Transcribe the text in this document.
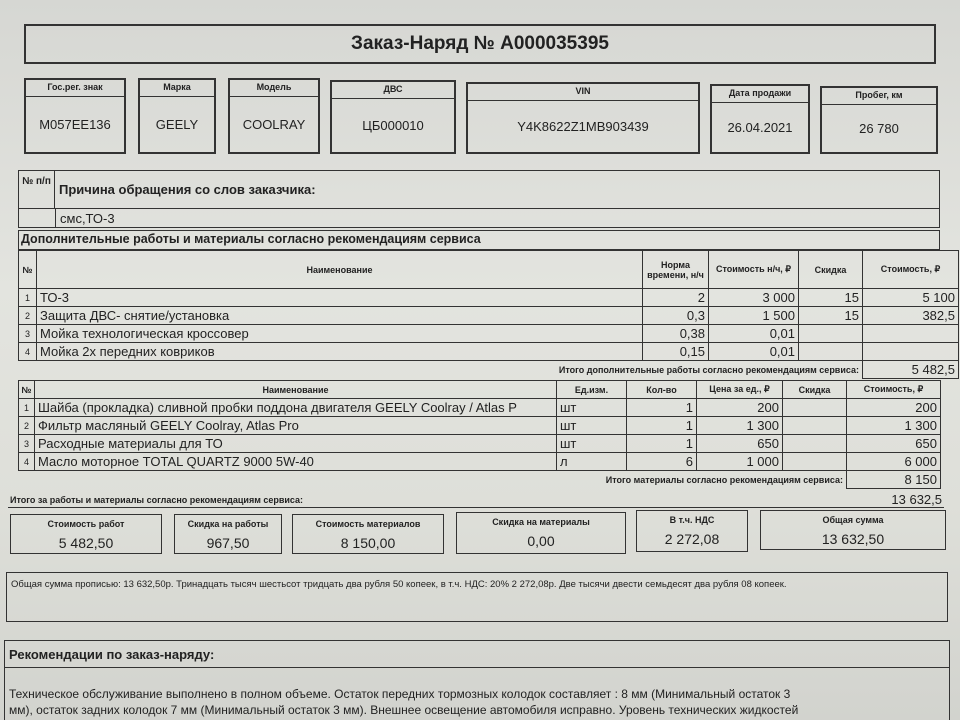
Заказ-Наряд № А000035395
Гос.рег. знак
М057ЕЕ136
Марка
GEELY
Модель
COOLRAY
ДВС
ЦБ000010
VIN
Y4K8622Z1MB903439
Дата продажи
26.04.2021
Пробег, км
26 780
№ п/п
Причина обращения со слов заказчика:
смс,ТО-3
Дополнительные работы и материалы согласно рекомендациям сервиса
№	Наименование	Норма времени, н/ч	Стоимость н/ч, ₽	Скидка	Стоимость, ₽
1	ТО-3	2	3 000	15	5 100
2	Защита ДВС- снятие/установка	0,3	1 500	15	382,5
3	Мойка технологическая кроссовер	0,38	0,01		
4	Мойка 2х передних ковриков	0,15	0,01		
Итого дополнительные работы согласно рекомендациям сервиса:					5 482,5
№	Наименование	Ед.изм.	Кол-во	Цена за ед., ₽	Скидка	Стоимость, ₽
1	Шайба (прокладка) сливной пробки поддона двигателя GEELY Coolray / Atlas P	шт	1	200		200
2	Фильтр масляный GEELY Coolray, Atlas Pro	шт	1	1 300		1 300
3	Расходные материалы для ТО	шт	1	650		650
4	Масло моторное TOTAL QUARTZ 9000 5W-40	л	6	1 000		6 000
Итого материалы согласно рекомендациям сервиса:						8 150
Итого за работы и материалы согласно рекомендациям сервиса:	13 632,5
Стоимость работ
5 482,50
Скидка на работы
967,50
Стоимость материалов
8 150,00
Скидка на материалы
0,00
В т.ч. НДС
2 272,08
Общая сумма
13 632,50
Общая сумма прописью: 13 632,50р. Тринадцать тысяч шестьсот тридцать два рубля 50 копеек, в т.ч. НДС: 20% 2 272,08р. Две тысячи двести семьдесят два рубля 08 копеек.
Рекомендации по заказ-наряду:
Техническое обслуживание выполнено в полном объеме. Остаток передних тормозных колодок составляет : 8 мм (Минимальный остаток 3
мм), остаток задних колодок 7 мм (Минимальный остаток 3 мм). Внешнее освещение автомобиля исправно. Уровень технических жидкостей
